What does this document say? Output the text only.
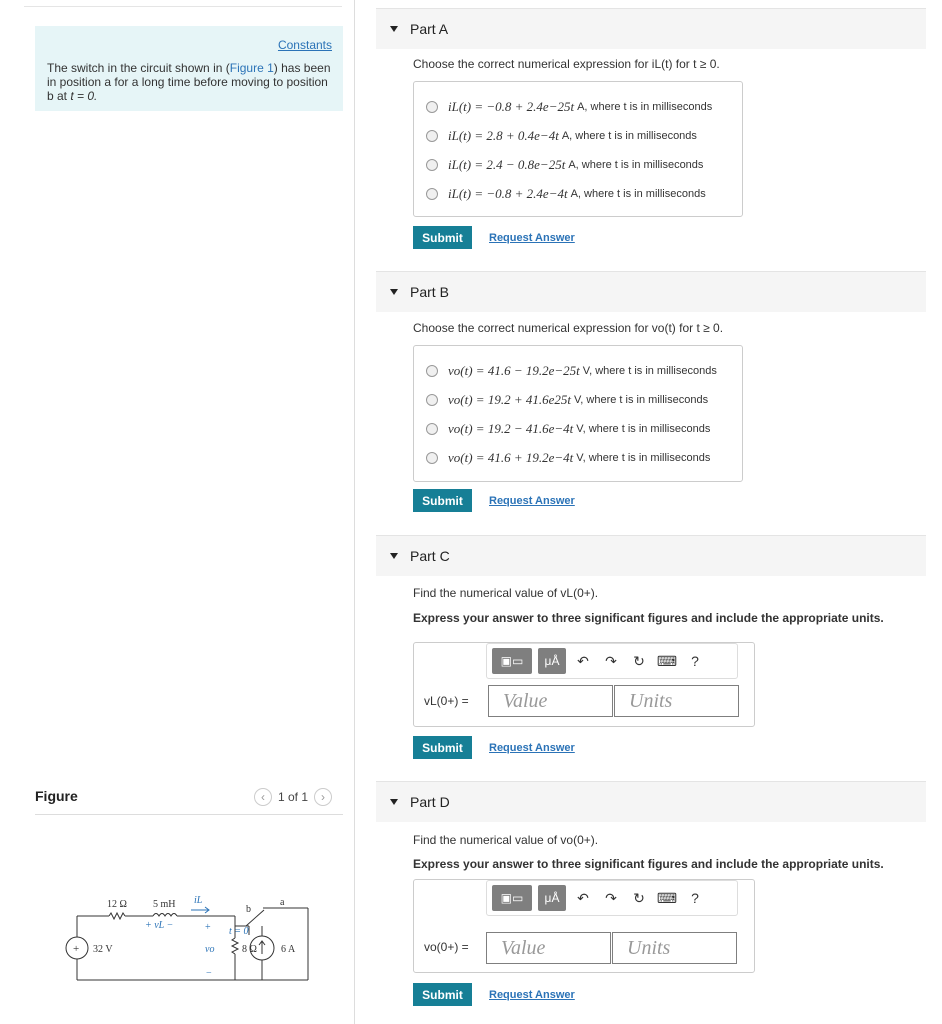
Constants
The switch in the circuit shown in (Figure 1) has been in position a for a long time before moving to position b at t = 0.
Figure	‹	1 of 1	›
+
12 Ω	5 mH iL
+ vL −
b
a
t = 0
32 V	vo	8 Ω 6 A
+
−
Part A
Choose the correct numerical expression for iL(t) for t ≥ 0.
iL(t) = −0.8 + 2.4e−25t A, where t is in milliseconds
iL(t) = 2.8 + 0.4e−4t A, where t is in milliseconds
iL(t) = 2.4 − 0.8e−25t A, where t is in milliseconds
iL(t) = −0.8 + 2.4e−4t A, where t is in milliseconds
Submit	Request Answer
Part B
Choose the correct numerical expression for vo(t) for t ≥ 0.
vo(t) = 41.6 − 19.2e−25t V, where t is in milliseconds
vo(t) = 19.2 + 41.6e25t V, where t is in milliseconds
vo(t) = 19.2 − 41.6e−4t V, where t is in milliseconds
vo(t) = 41.6 + 19.2e−4t V, where t is in milliseconds
Submit	Request Answer
Part C
Find the numerical value of vL(0+).
Express your answer to three significant figures and include the appropriate units.
▣▭	μÅ	↶	↷	↻ ⌨ ?
vL(0+) =	Value	Units
Submit	Request Answer
Part D
Find the numerical value of vo(0+).
Express your answer to three significant figures and include the appropriate units.
▣▭	μÅ	↶	↷	↻ ⌨ ?
vo(0+) =	Value	Units
Submit	Request Answer
